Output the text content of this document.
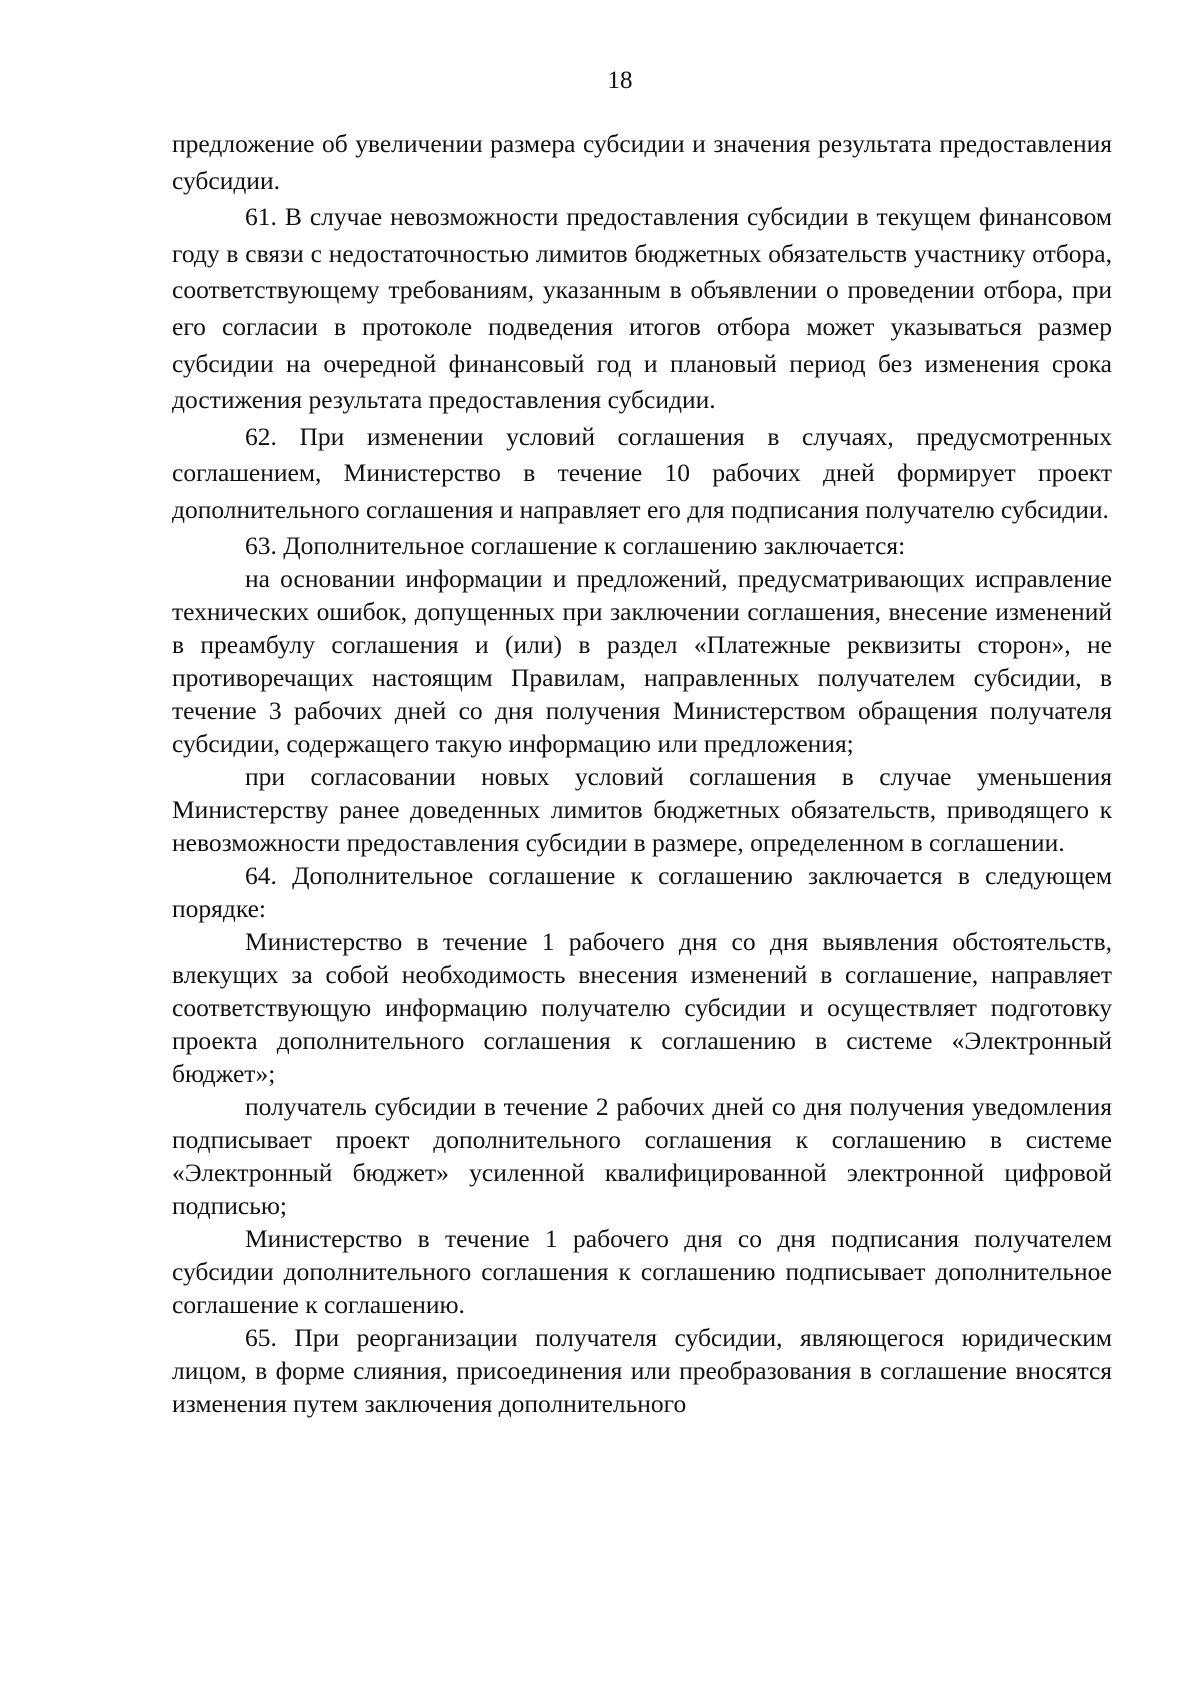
18

предложение об увеличении размера субсидии и значения результата предоставления субсидии.

61. В случае невозможности предоставления субсидии в текущем финансовом году в связи с недостаточностью лимитов бюджетных обязательств участнику отбора, соответствующему требованиям, указанным в объявлении о проведении отбора, при его согласии в протоколе подведения итогов отбора может указываться размер субсидии на очередной финансовый год и плановый период без изменения срока достижения результата предоставления субсидии.

62. При изменении условий соглашения в случаях, предусмотренных соглашением, Министерство в течение 10 рабочих дней формирует проект дополнительного соглашения и направляет его для подписания получателю субсидии.

63. Дополнительное соглашение к соглашению заключается:

на основании информации и предложений, предусматривающих исправление технических ошибок, допущенных при заключении соглашения, внесение изменений в преамбулу соглашения и (или) в раздел «Платежные реквизиты сторон», не противоречащих настоящим Правилам, направленных получателем субсидии, в течение 3 рабочих дней со дня получения Министерством обращения получателя субсидии, содержащего такую информацию или предложения;

при согласовании новых условий соглашения в случае уменьшения Министерству ранее доведенных лимитов бюджетных обязательств, приводящего к невозможности предоставления субсидии в размере, определенном в соглашении.

64. Дополнительное соглашение к соглашению заключается в следующем порядке:

Министерство в течение 1 рабочего дня со дня выявления обстоятельств, влекущих за собой необходимость внесения изменений в соглашение, направляет соответствующую информацию получателю субсидии и осуществляет подготовку проекта дополнительного соглашения к соглашению в системе «Электронный бюджет»;

получатель субсидии в течение 2 рабочих дней со дня получения уведомления подписывает проект дополнительного соглашения к соглашению в системе «Электронный бюджет» усиленной квалифицированной электронной цифровой подписью;

Министерство в течение 1 рабочего дня со дня подписания получателем субсидии дополнительного соглашения к соглашению подписывает дополнительное соглашение к соглашению.

65. При реорганизации получателя субсидии, являющегося юридическим лицом, в форме слияния, присоединения или преобразования в соглашение вносятся изменения путем заключения дополнительного
